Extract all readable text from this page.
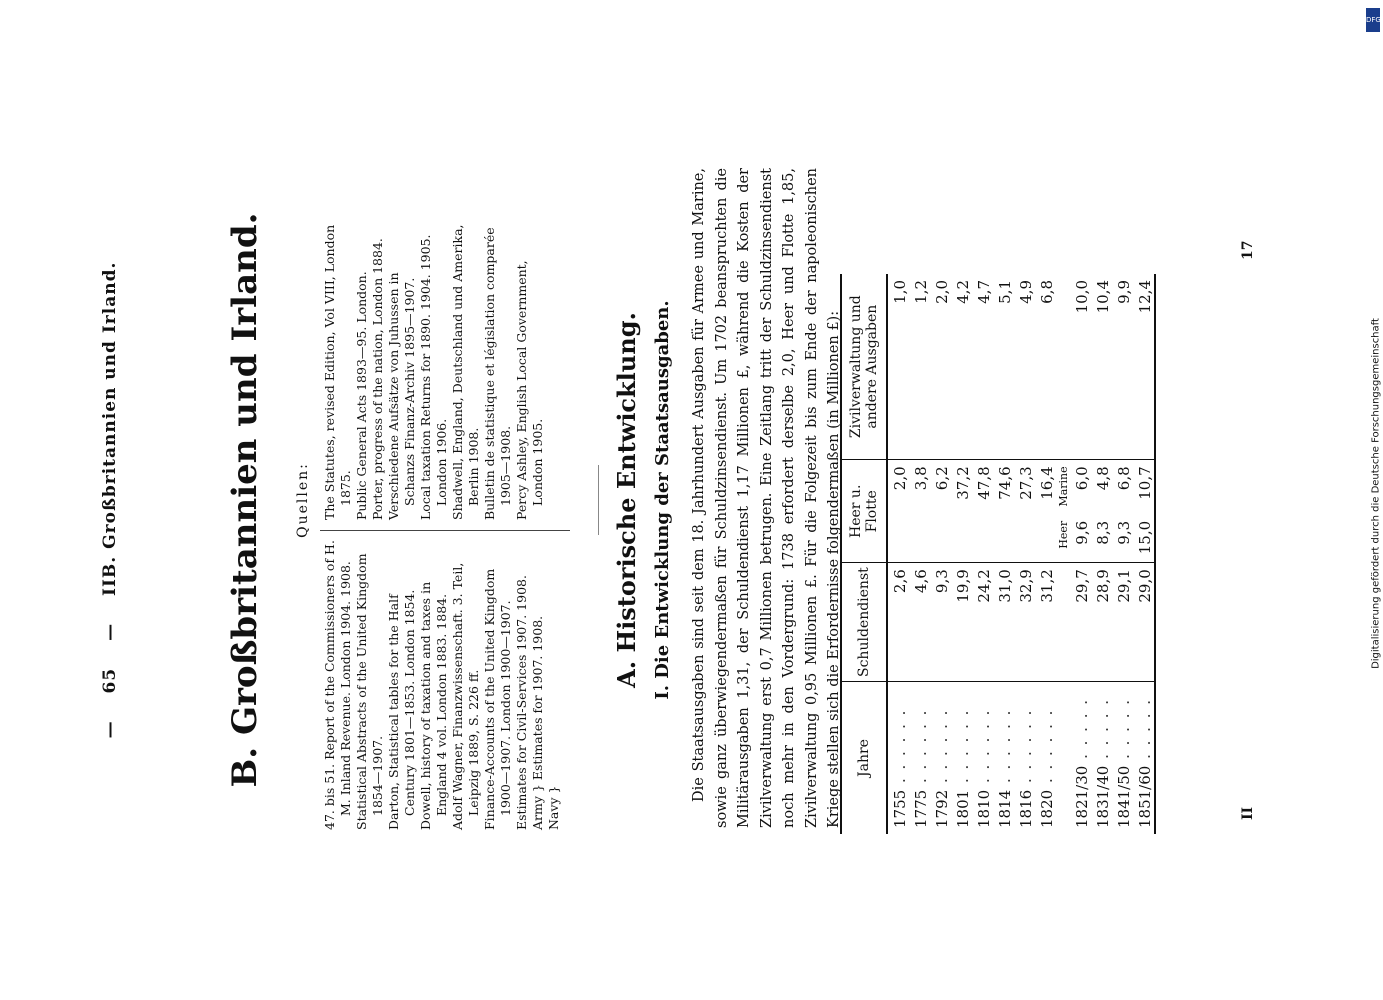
— 65 — IIB. Großbritannien und Irland.	B. Großbritannien und Irland. Quellen:

47. bis 51. Report of the Commissioners of H. M. Inland Revenue. London 1904. 1908. Statistical Abstracts of the United Kingdom 1854—1907. Darton, Statistical tables for the Half Century 1801—1853. London 1854. Dowell, history of taxation and taxes in England 4 vol. London 1883. 1884. Adolf Wagner, Finanzwissenschaft. 3. Teil, Leipzig 1889, S. 226 ff. Finance-Accounts of the United Kingdom 1900—1907. London 1900—1907. Estimates for Civil-Services 1907. 1908. Army } Estimates for 1907. 1908. Navy }

The Statutes, revised Edition, Vol VIII, London 1875. Public General Acts 1893—95. London. Porter, progress of the nation, London 1884. Verschiedene Aufsätze von Juhussen in Schanzs Finanz-Archiv 1895—1907. Local taxation Returns for 1890. 1904. 1905. London 1906. Shadwell, England, Deutschland und Amerika, Berlin 1908. Bulletin de statistique et législation comparée 1905—1908. Percy Ashley, English Local Government, London 1905.	A. Historische Entwicklung. I. Die Entwicklung der Staatsausgaben. Die Staatsausgaben sind seit dem 18. Jahrhundert Ausgaben für Armee und Marine, sowie ganz überwiegendermaßen für Schuldzinsendienst. Um 1702 beanspruchten die Militärausgaben 1,31, der Schuldendienst 1,17 Millionen £, während die Kosten der Zivilverwaltung erst 0,7 Millionen betrugen. Eine Zeitlang tritt der Schuldzinsendienst noch mehr in den Vordergrund: 1738 erfordert derselbe 2,0, Heer und Flotte 1,85, Zivilverwaltung 0,95 Millionen £. Für die Folgezeit bis zum Ende der napoleonischen Kriege stellen sich die Erfordernisse folgendermaßen (in Millionen £): Jahre	Schuldendienst	Heer u. Flotte		Zivilverwaltung und andere Ausgaben
1755 . . . . . .	2,6	2,0		1,0
1775 . . . . . .	4,6	3,8		1,2
1792 . . . . . .	9,3	6,2		2,0
1801 . . . . . .	19,9	37,2		4,2
1810 . . . . . .	24,2	47,8		4,7
1814 . . . . . .	31,0	74,6		5,1
1816 . . . . . .	32,9	27,3		4,9
1820 . . . . . .	31,2	16,4		6,8
		Heer	Marine	
1821/30 . . . . .	29,7	9,6	6,0	10,0
1831/40 . . . . .	28,9	8,3	4,8	10,4
1841/50 . . . . .	29,1	9,3	6,8	9,9
1851/60 . . . . .	29,0	15,0	10,7	12,4
II
17
Digitalisierung gefördert durch die Deutsche Forschungsgemeinschaft
DFG
